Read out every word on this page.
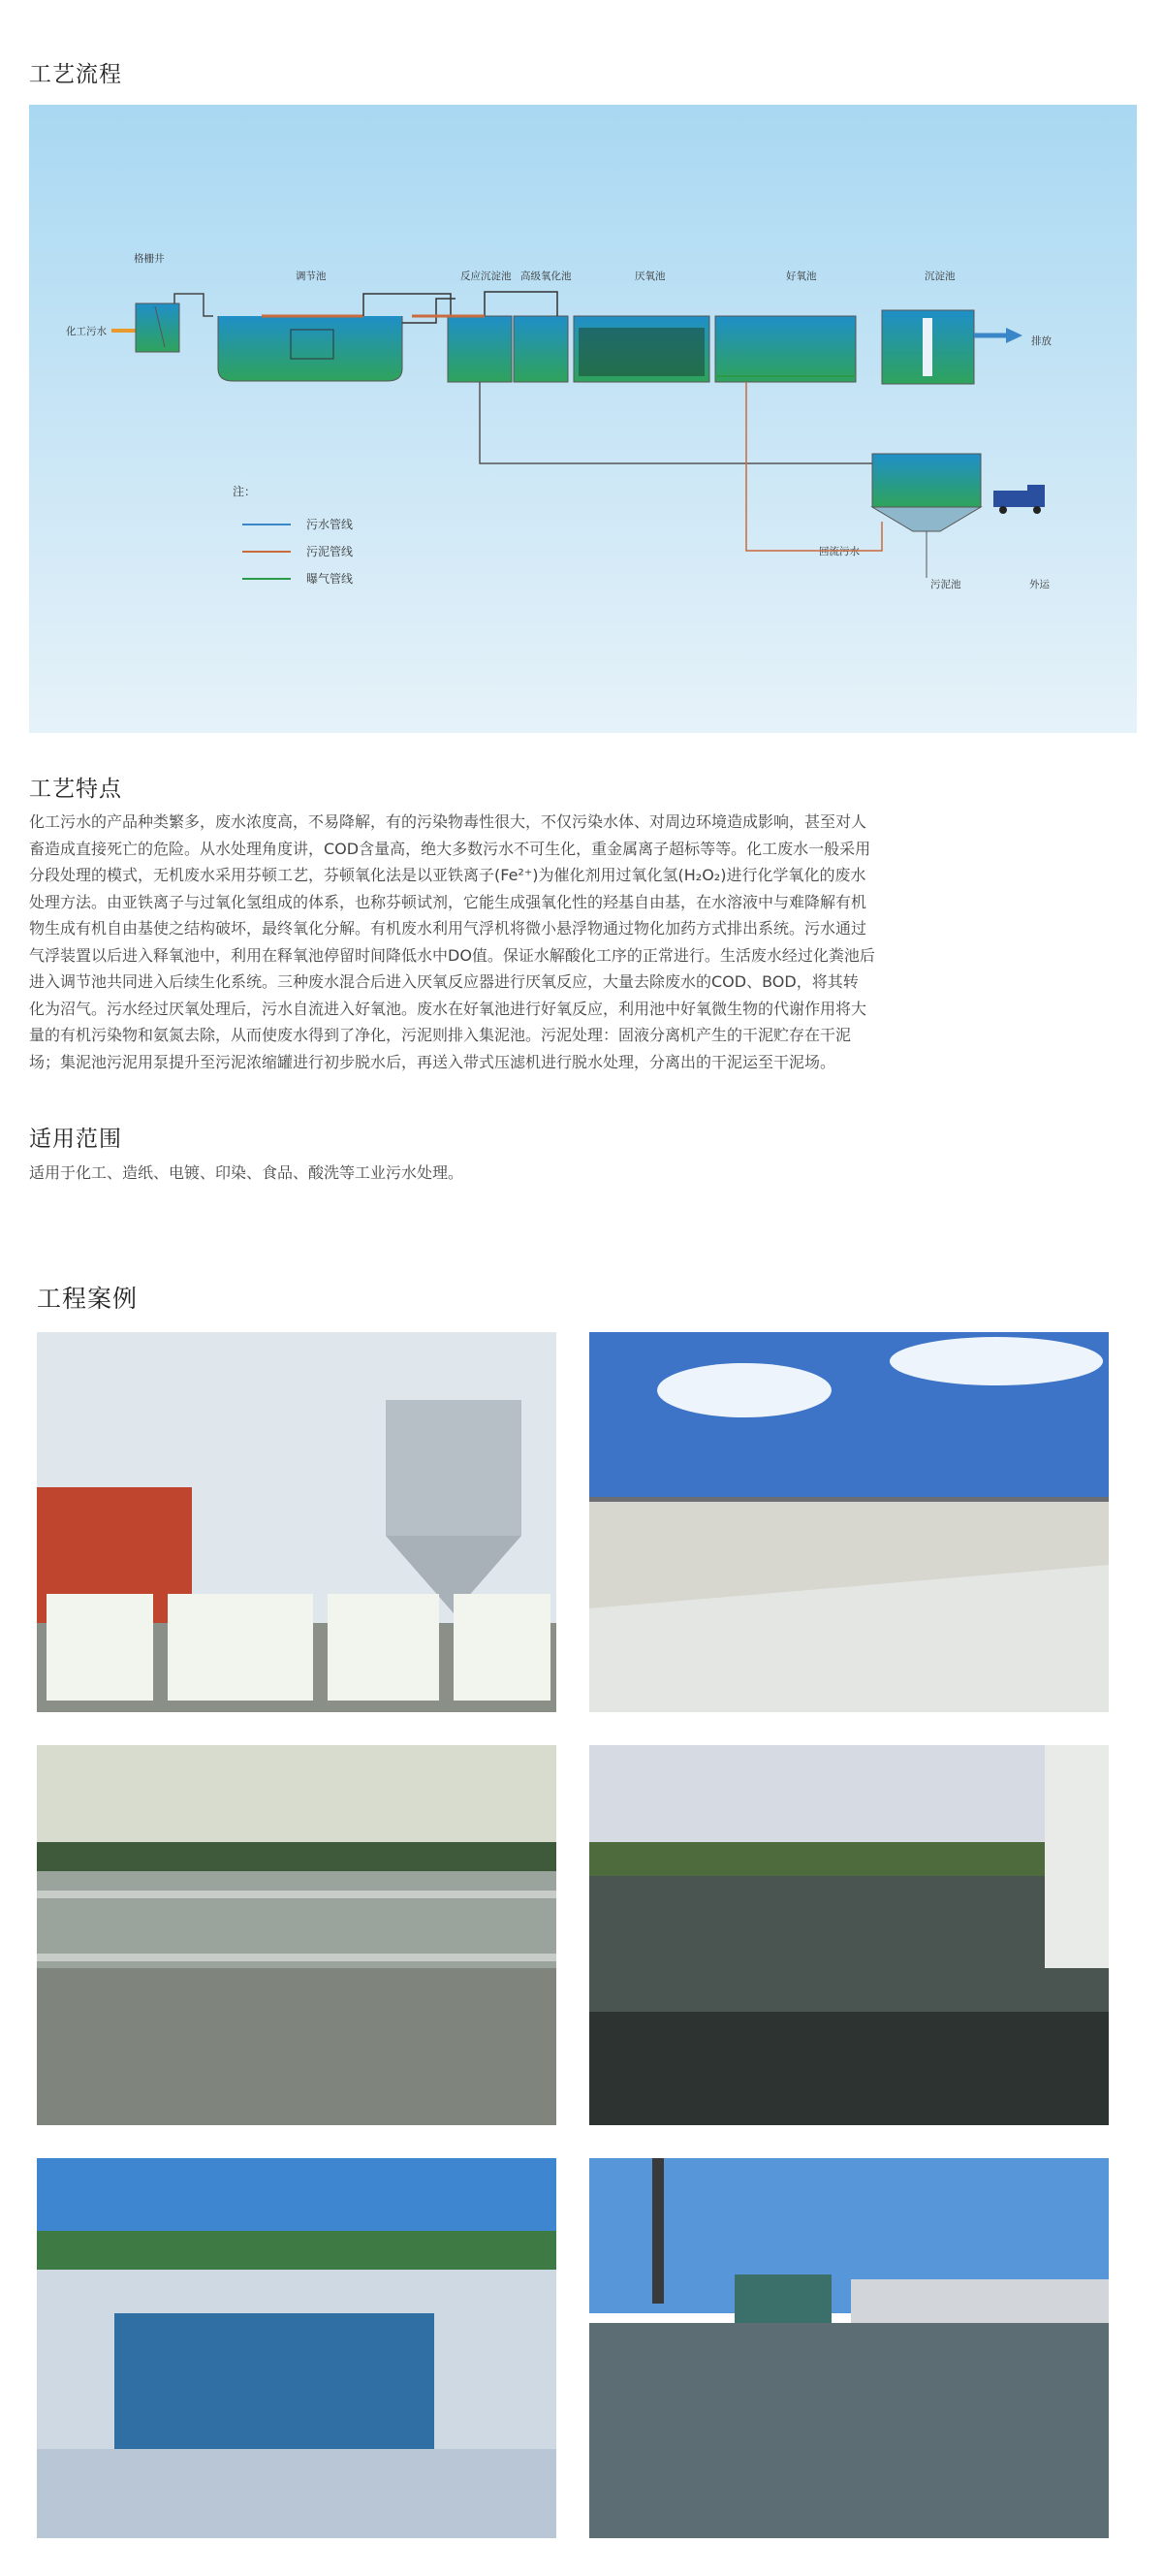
工艺流程
化工污水
格栅井
调节池	反应沉淀池 高级氧化池	厌氧池	好氧池	沉淀池
排放
回流污水
污泥池	外运
注：
污水管线
污泥管线
曝气管线
工艺特点
化工污水的产品种类繁多，废水浓度高，不易降解，有的污染物毒性很大，不仅污染水体、对周边环境造成影响，甚至对人
畜造成直接死亡的危险。从水处理角度讲，COD含量高，绝大多数污水不可生化，重金属离子超标等等。化工废水一般采用
分段处理的模式，无机废水采用芬顿工艺，芬顿氧化法是以亚铁离子(Fe²⁺)为催化剂用过氧化氢(H₂O₂)进行化学氧化的废水
处理方法。由亚铁离子与过氧化氢组成的体系，也称芬顿试剂，它能生成强氧化性的羟基自由基，在水溶液中与难降解有机
物生成有机自由基使之结构破坏，最终氧化分解。有机废水利用气浮机将微小悬浮物通过物化加药方式排出系统。污水通过
气浮装置以后进入释氧池中，利用在释氧池停留时间降低水中DO值。保证水解酸化工序的正常进行。生活废水经过化粪池后
进入调节池共同进入后续生化系统。三种废水混合后进入厌氧反应器进行厌氧反应，大量去除废水的COD、BOD，将其转
化为沼气。污水经过厌氧处理后，污水自流进入好氧池。废水在好氧池进行好氧反应，利用池中好氧微生物的代谢作用将大
量的有机污染物和氨氮去除，从而使废水得到了净化，污泥则排入集泥池。污泥处理：固液分离机产生的干泥贮存在干泥
场；集泥池污泥用泵提升至污泥浓缩罐进行初步脱水后，再送入带式压滤机进行脱水处理，分离出的干泥运至干泥场。
适用范围
适用于化工、造纸、电镀、印染、食品、酸洗等工业污水处理。
工程案例
